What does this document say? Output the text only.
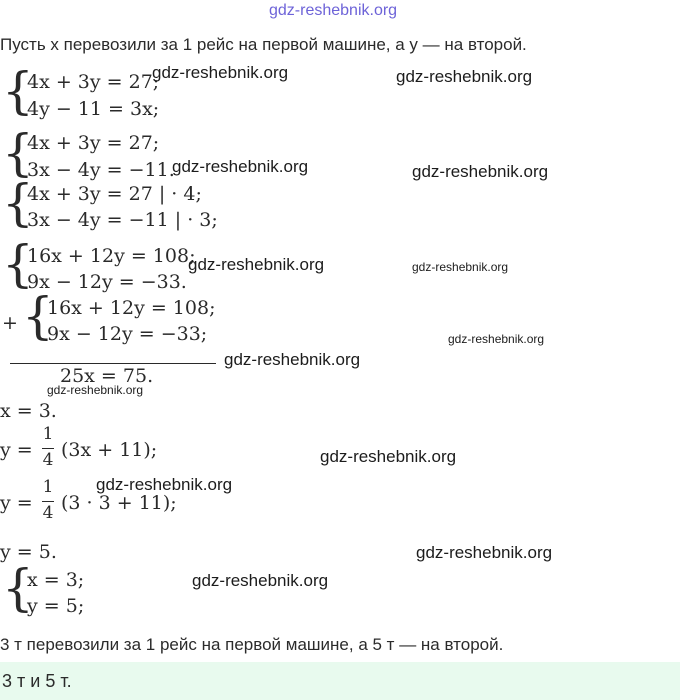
gdz-reshebnik.org
Пусть x перевозили за 1 рейс на первой машине, а y — на второй.
{
4x + 3y = 27;
4y − 11 = 3x;
gdz-reshebnik.org	gdz-reshebnik.org
{
{
4x + 3y = 27;
3x − 4y = −11.
4x + 3y = 27 | · 4;
3x − 4y = −11 | · 3;
gdz-reshebnik.org	gdz-reshebnik.org
{
16x + 12y = 108;
9x − 12y = −33.
gdz-reshebnik.org	gdz-reshebnik.org
+ {
16x + 12y = 108;
9x − 12y = −33;	gdz-reshebnik.org
gdz-reshebnik.org
25x = 75.
gdz-reshebnik.org
x = 3.
y =
1
4 (3x + 11);	gdz-reshebnik.org
gdz-reshebnik.org
y =
1
4 (3 · 3 + 11);
y = 5.	gdz-reshebnik.org
{
x = 3;
y = 5;
gdz-reshebnik.org
3 т перевозили за 1 рейс на первой машине, а 5 т — на второй.
3 т и 5 т.
